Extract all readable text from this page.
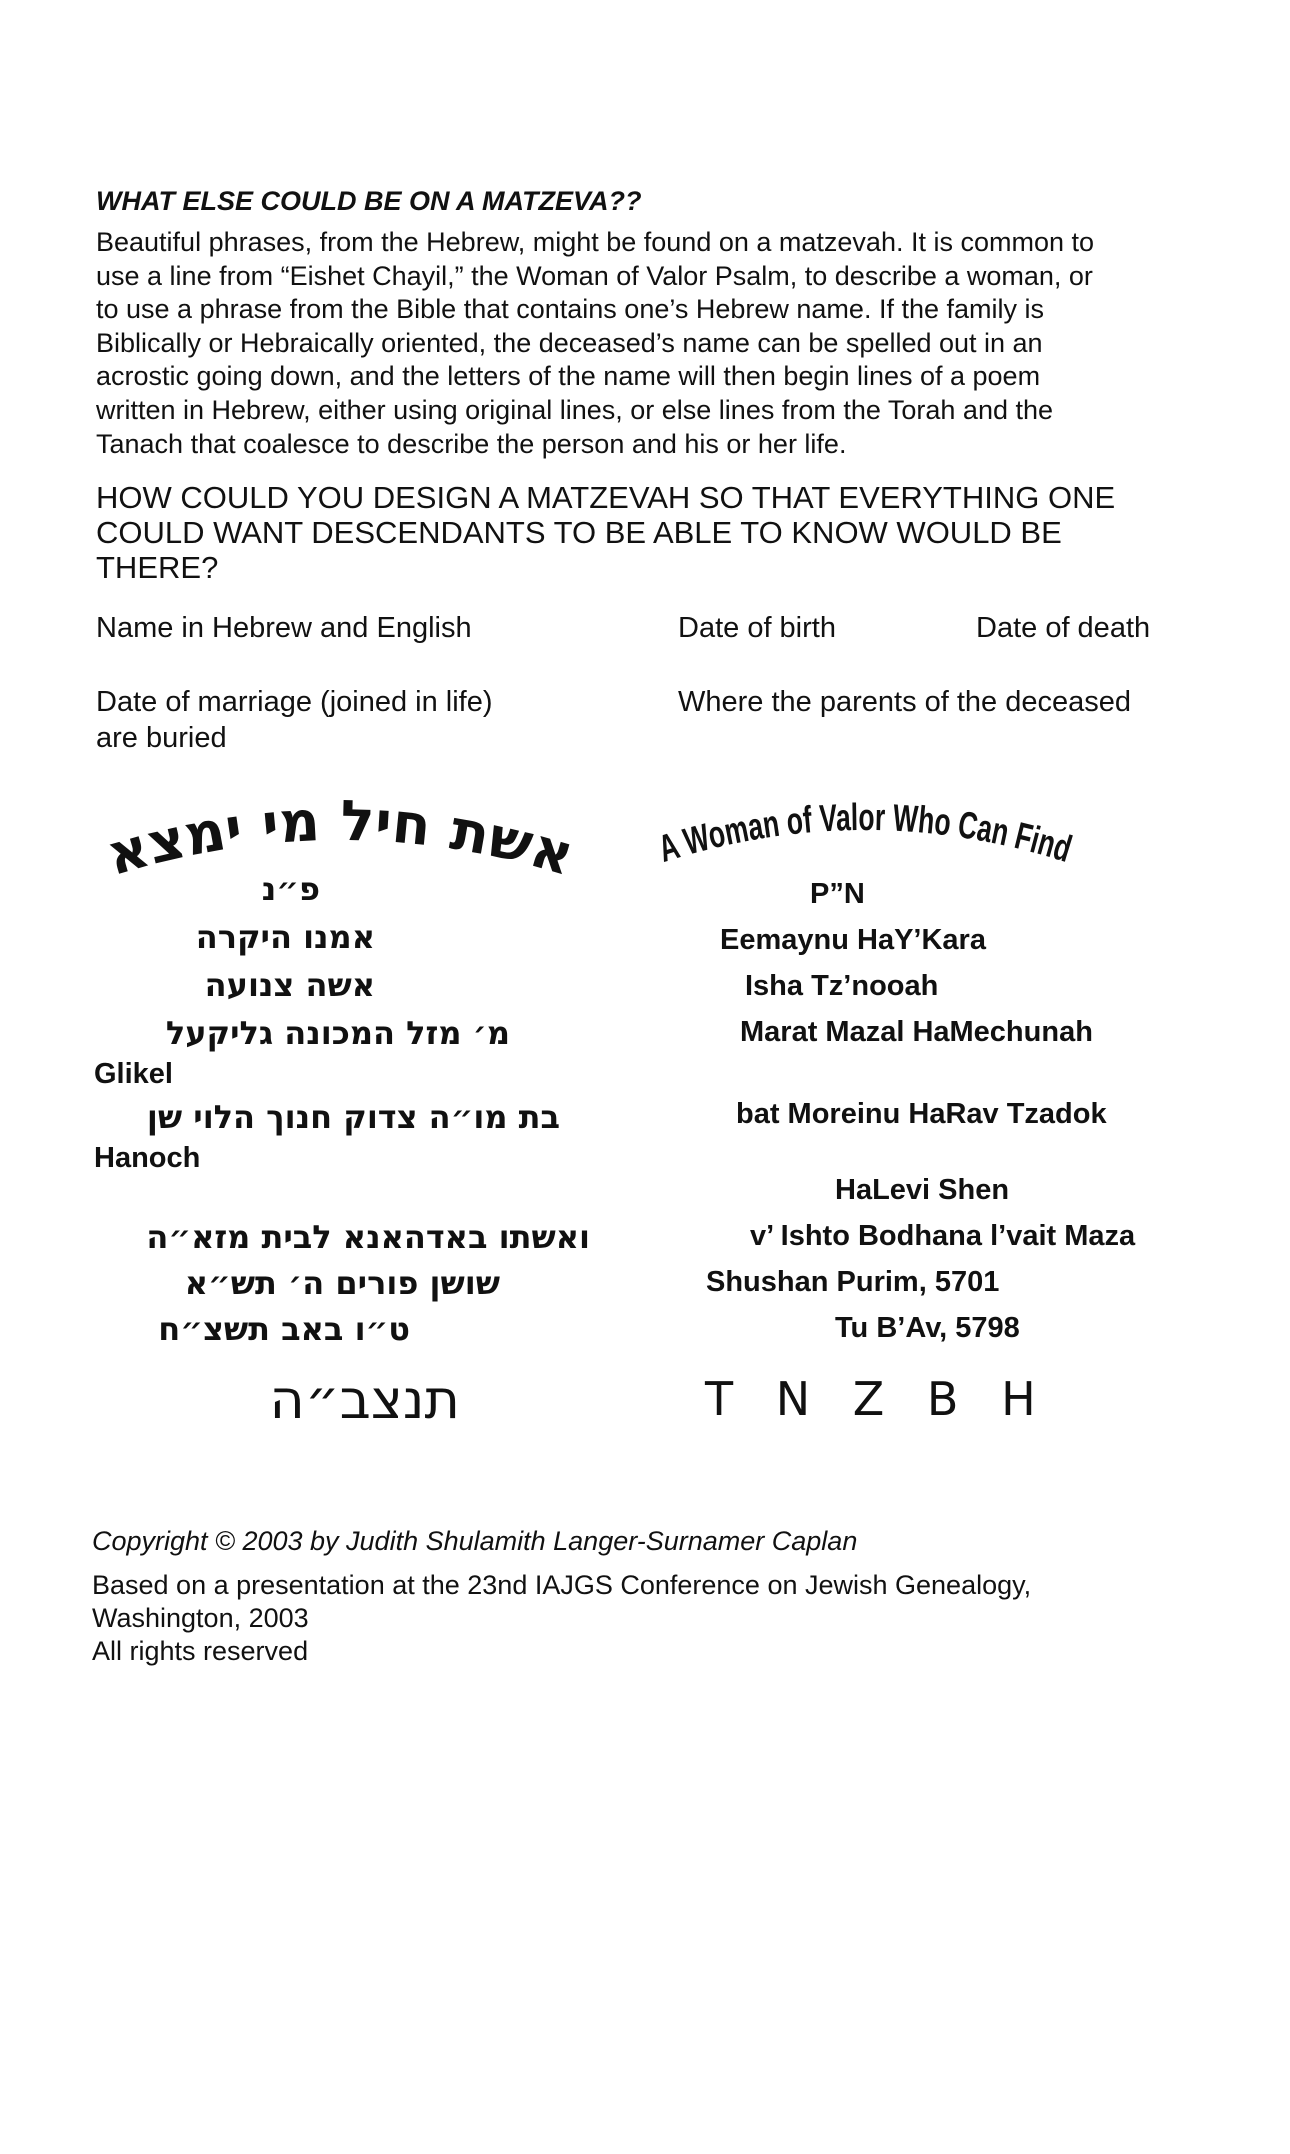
WHAT ELSE COULD BE ON A MATZEVA??
Beautiful phrases, from the Hebrew, might be found on a matzevah. It is common to
use a line from “Eishet Chayil,” the Woman of Valor Psalm, to describe a woman, or
to use a phrase from the Bible that contains one’s Hebrew name. If the family is
Biblically or Hebraically oriented, the deceased’s name can be spelled out in an
acrostic going down, and the letters of the name will then begin lines of a poem
written in Hebrew, either using original lines, or else lines from the Torah and the
Tanach that coalesce to describe the person and his or her life.
HOW COULD YOU DESIGN A MATZEVAH SO THAT EVERYTHING ONE
COULD WANT DESCENDANTS TO BE ABLE TO KNOW WOULD BE
THERE?
Name in Hebrew and English	Date of birth	Date of death
Date of marriage (joined in life)
are buried
Where the parents of the deceased
אשת חיל מי ימצא A Woman of Valor Who Can Find
פ״נ
אמנו היקרה
אשה צנועה
מ׳ מזל המכונה גליקעל
Glikel
בת מו״ה צדוק חנוך הלוי שן
Hanoch
ואשתו באדהאנא לבית מזא״ה
שושן פורים ה׳ תש״א
ט״ו באב תשצ״ח
תנצב״ה
P”N
Eemaynu HaY’Kara
Isha Tz’nooah
Marat Mazal HaMechunah
bat Moreinu HaRav Tzadok
HaLevi Shen
v’ Ishto Bodhana l’vait Maza
Shushan Purim, 5701
Tu B’Av, 5798
T N Z B H
Copyright © 2003 by Judith Shulamith Langer-Surnamer Caplan
Based on a presentation at the 23nd IAJGS Conference on Jewish Genealogy,
Washington, 2003
All rights reserved
